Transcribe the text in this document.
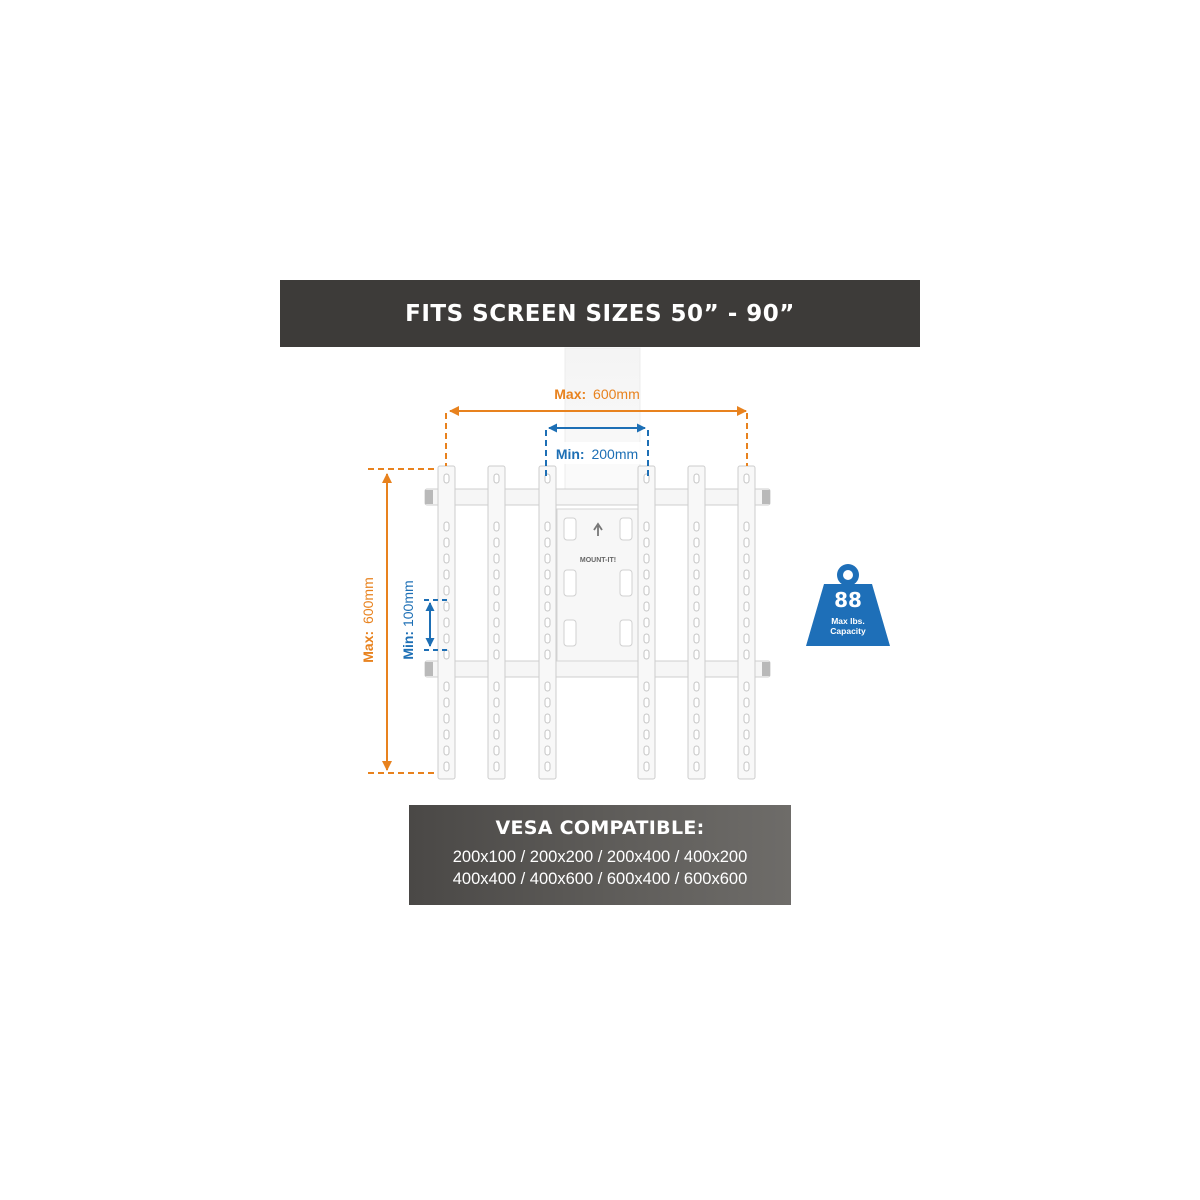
FITS SCREEN SIZES 50” - 90”
MOUNT-IT!
Max: 600mm
Min: 200mm
Max: 600mm
Min: 100mm	88
Max lbs.
Capacity
VESA COMPATIBLE:
200x100 / 200x200 / 200x400 / 400x200
400x400 / 400x600 / 600x400 / 600x600
